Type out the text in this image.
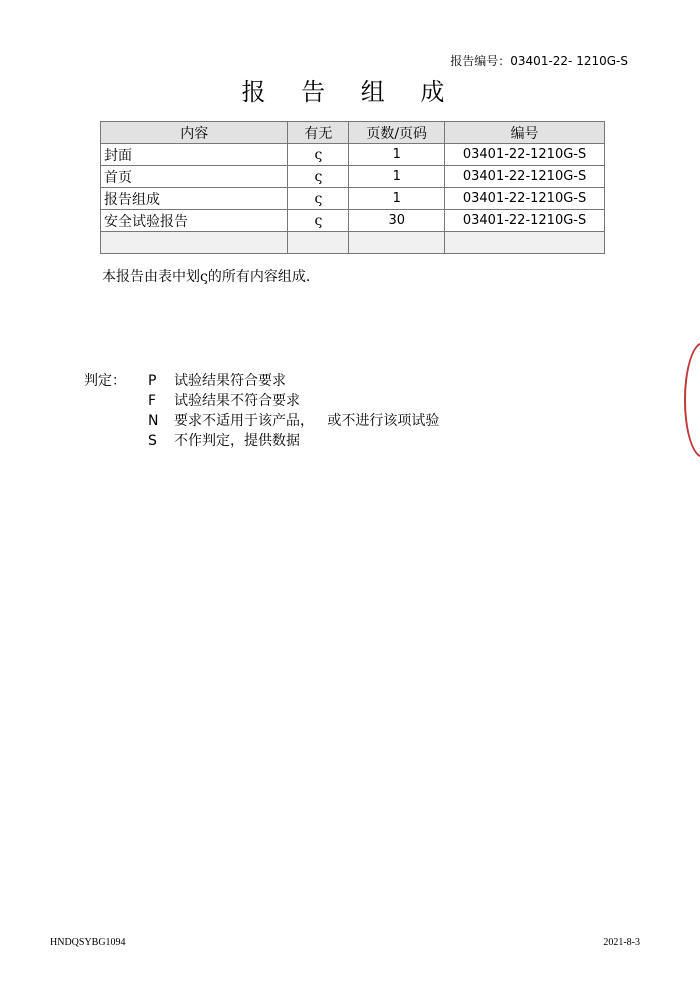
报告编号：03401-22- 1210G-S
报 告 组 成
内容	有无	页数/页码	编号
封面	ς	1	03401-22-1210G-S
首页	ς	1	03401-22-1210G-S
报告组成	ς	1	03401-22-1210G-S
安全试验报告	ς	30	03401-22-1210G-S

本报告由表中划ς的所有内容组成.
判定： P 试验结果符合要求
F 试验结果不符合要求
N 要求不适用于该产品，   或不进行该项试验
S 不作判定，提供数据
HNDQSYBG1094	2021-8-3
